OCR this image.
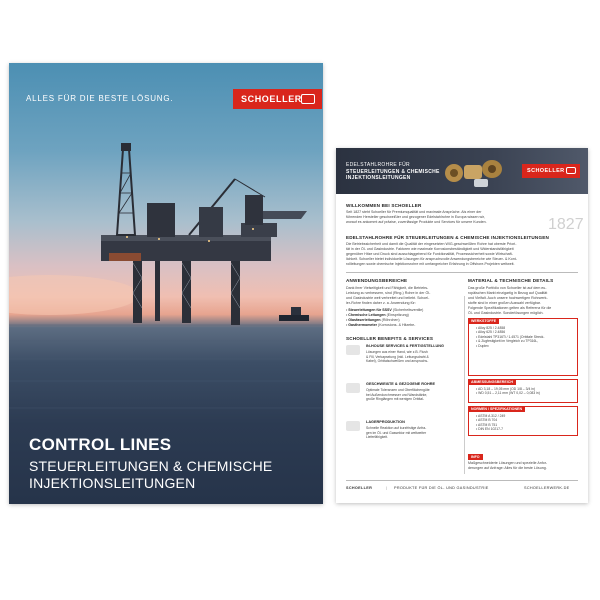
ALLES FÜR DIE BESTE LÖSUNG.	SCHOELLER
CONTROL LINES
STEUERLEITUNGEN & CHEMISCHE INJEKTIONSLEITUNGEN
EDELSTAHLROHRE FÜR
STEUERLEITUNGEN & CHEMISCHE
INJEKTIONSLEITUNGEN
SCHOELLER
WILLKOMMEN BEI SCHOELLER
Seit 1827 steht Schoeller für Premiumqualität und maximale Ansprüche. Als einer der
führenden Hersteller geschweißter und gezogener Edelstahlrohre in Europa wissen wir,
worauf es ankommt auf präzise, zuverlässige Produkte und Services für unsere Kunden.	1827
EDELSTAHLROHRE FÜR STEUERLEITUNGEN & CHEMISCHE INJEKTIONSLEITUNGEN
Die Betriebssicherheit und damit die Qualität der eingesetzten WIG-geschweißten Rohre hat oberste Priori-
tät in der Öl- und Gasindustrie. Faktoren wie maximale Korrosionsbeständigkeit und Widerstandsfähigkeit
gegenüber Hitze und Druck sind ausschlaggebend für Funktionalität, Prozesssicherheit sowie Wirtschaft-
lichkeit. Schoeller bietet individuelle Lösungen für anspruchsvolle Anwendungsbereiche wie Steuer- & Kont-
rollleitungen sowie chemische Injektionsrohre mit umfangreicher Erfahrung in Offshore-Projekten weltweit.
ANWENDUNGSBEREICHE
Dank ihrer Vielseitigkeit und Fähigkeit, die Betriebs-
Leistung zu verbessern, sind (Ring-) Rohre in der Öl-
und Gasindustrie weit verbreitet und beliebt. Schoel-
ler-Rohre finden daher z. a. Anwendung für:
• Steuerleitungen für SSSV (Sicherheitsventile)
• Chemische Leitungen (Einspritzung)
• Glasfaserleitungen (Röhrchen)
• Gasthermometer (Korrosions- & Hitzebe-
SCHOELLER BENEFITS & SERVICES
IN-HOUSE SERVICES & FERTIGSTELLUNG
Lösungen aus einer Hand, wie z.B. Flush
& Fill, Verkapselung (inkl. Leitungsdraht &
Kabel), Orbitalschweißen und anspruchs-
GESCHWEIßTE & GEZOGENE ROHRE
Optimale Toleranzen und Oberflächengüte
bei Außendurchmesser und Wandstärke,
große Ringlängen mit wenigen Orbital-
LAGERPRODUKTION
Schnelle Reaktion auf kurzfristige Anfra-
gen im Öl- und Gassektor mit weltweiter
Lieferfähigkeit.
MATERIAL & TECHNISCHE DETAILS
Das große Portfolio von Schoeller ist auf dem eu-
ropäischen Markt einzigartig in Bezug auf Qualität
und Vielfalt. Auch unsere hochwertigen Rohrwerk-
stoffe sind in einer großen Auswahl verfügbar.
Folgende Spezifikationen gelten als Referenz für die
Öl- und Gasindustrie. Sonderlösungen möglich.
WERKSTOFFE
• Alloy 825 / 2.4858
• Alloy 625 / 2.4856
• Edelstahl TP316Ti / 1.4571 (Orbitale Streck-
• & Zugfestigkeit im Vergleich zu TP316L,
• Duplex
ABMESSUNGSBEREICH
• AD 3,18 – 19,05 mm (OD 1/8 – 3/4 in)
• WD 0,51 – 2,11 mm (WT 0,02 – 0,083 in)
NORMEN / SPEZIFIKATIONEN
• ASTM A 312 / 249
• ASTM B 704
• ASTM B 751
• DIN EN 10217-7
INFO
Maßgeschneiderte Lösungen und spezielle Anfor-
derungen auf Anfrage: Alles für die beste Lösung.
SCHOELLER	| PRODUKTE FÜR DIE ÖL- UND GASINDUSTRIE	SCHOELLERWERK.DE
